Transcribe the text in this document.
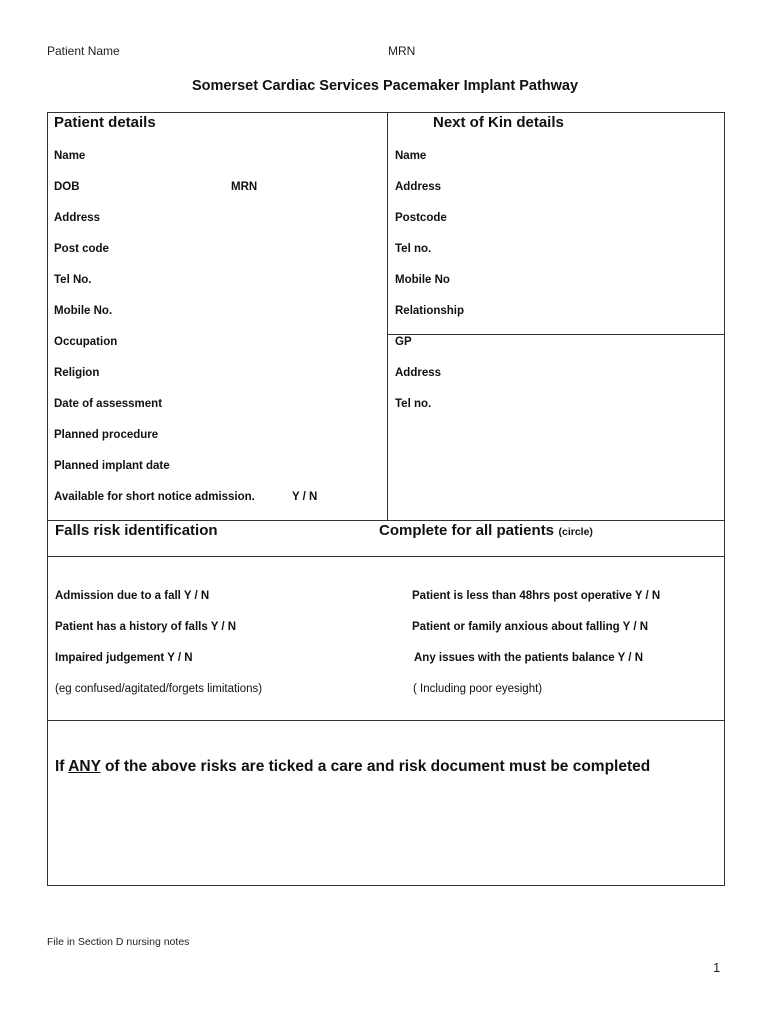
Patient Name	MRN
Somerset Cardiac Services Pacemaker Implant Pathway
Patient details	Next of Kin details
Name
DOB	MRN
Address
Post code
Tel No.
Mobile No.
Occupation
Religion
Date of assessment
Planned procedure
Planned implant date
Available for short notice admission.	Y / N
Name
Address
Postcode
Tel no.
Mobile No
Relationship
GP
Address
Tel no.
Falls risk identification	Complete for all patients (circle)
Admission due to a fall Y / N
Patient has a history of falls Y / N
Impaired judgement Y / N
(eg confused/agitated/forgets limitations)
Patient is less than 48hrs post operative Y / N
Patient or family anxious about falling Y / N
Any issues with the patients balance Y / N
( Including poor eyesight)
If ANY of the above risks are ticked a care and risk document must be completed
File in Section D nursing notes
1
